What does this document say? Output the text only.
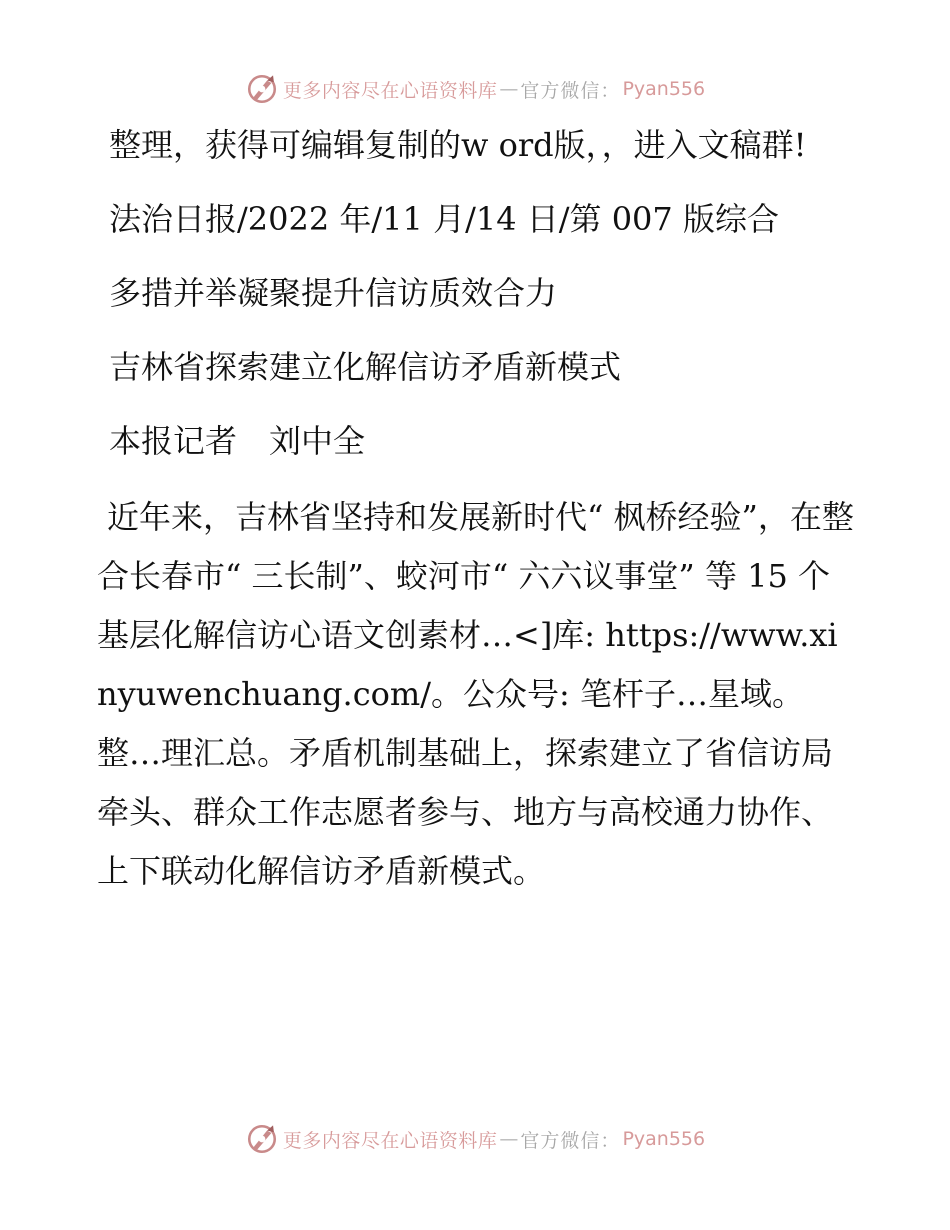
更多内容尽在心语资料库 — 官方微信： Pyan556

整理，获得可编辑复制的w ord版，，进入文稿群!

法治日报/2022 年/11 月/14 日/第 007 版综合

多措并举凝聚提升信访质效合力

吉林省探索建立化解信访矛盾新模式

本报记者　刘中全

近年来，吉林省坚持和发展新时代“ 枫桥经验”，在整合长春市“ 三长制”、蛟河市“ 六六议事堂” 等 15 个基层化解信访心语文创素材…<]库: https://www.xinyuwenchuang.com/。公众号: 笔杆子…星域。整…理汇总。矛盾机制基础上，探索建立了省信访局牵头、群众工作志愿者参与、地方与高校通力协作、上下联动化解信访矛盾新模式。

更多内容尽在心语资料库 — 官方微信： Pyan556
